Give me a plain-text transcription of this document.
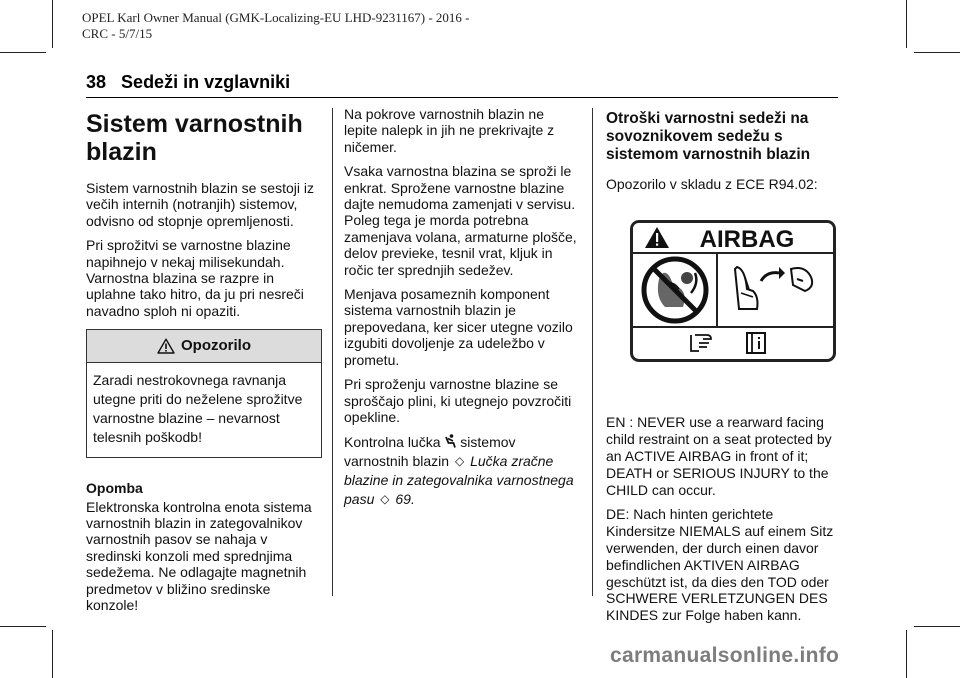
OPEL Karl Owner Manual (GMK-Localizing-EU LHD-9231167) - 2016 -
CRC - 5/7/15
38 Sedeži in vzglavniki
Sistem varnostnih
blazin

Sistem varnostnih blazin se sestoji iz večih internih (notranjih) sistemov, odvisno od stopnje opremljenosti.

Pri sprožitvi se varnostne blazine napihnejo v nekaj milisekundah. Varnostna blazina se razpre in uplahne tako hitro, da ju pri nesreči navadno sploh ni opaziti.

Opozorilo
Zaradi nestrokovnega ravnanja utegne priti do neželene sprožitve varnostne blazine – nevarnost telesnih poškodb!
Opomba

Elektronska kontrolna enota sistema varnostnih blazin in zategovalnikov varnostnih pasov se nahaja v sredinski konzoli med sprednjima sedežema. Ne odlagajte magnetnih predmetov v bližino sredinske konzole!

Na pokrove varnostnih blazin ne lepite nalepk in jih ne prekrivajte z ničemer.

Vsaka varnostna blazina se sproži le enkrat. Sprožene varnostne blazine dajte nemudoma zamenjati v servisu. Poleg tega je morda potrebna zamenjava volana, armaturne plošče, delov previeke, tesnil vrat, kljuk in ročic ter sprednjih sedežev.

Menjava posameznih komponent sistema varnostnih blazin je prepovedana, ker sicer utegne vozilo izgubiti dovoljenje za udeležbo v prometu.

Pri sproženju varnostne blazine se sproščajo plini, ki utegnejo povzročiti opekline.

Kontrolna lučka sistemov varnostnih blazin ◇ Lučka zračne blazine in zategovalnika varnostnega pasu ◇ 69.

Otroški varnostni sedeži na sovoznikovem sedežu s sistemom varnostnih blazin

Opozorilo v skladu z ECE R94.02:

AIRBAG

EN : NEVER use a rearward facing child restraint on a seat protected by an ACTIVE AIRBAG in front of it; DEATH or SERIOUS INJURY to the CHILD can occur.

DE: Nach hinten gerichtete Kindersitze NIEMALS auf einem Sitz verwenden, der durch einen davor befindlichen AKTIVEN AIRBAG geschützt ist, da dies den TOD oder SCHWERE VERLETZUNGEN DES KINDES zur Folge haben kann.

carmanualsonline.info
